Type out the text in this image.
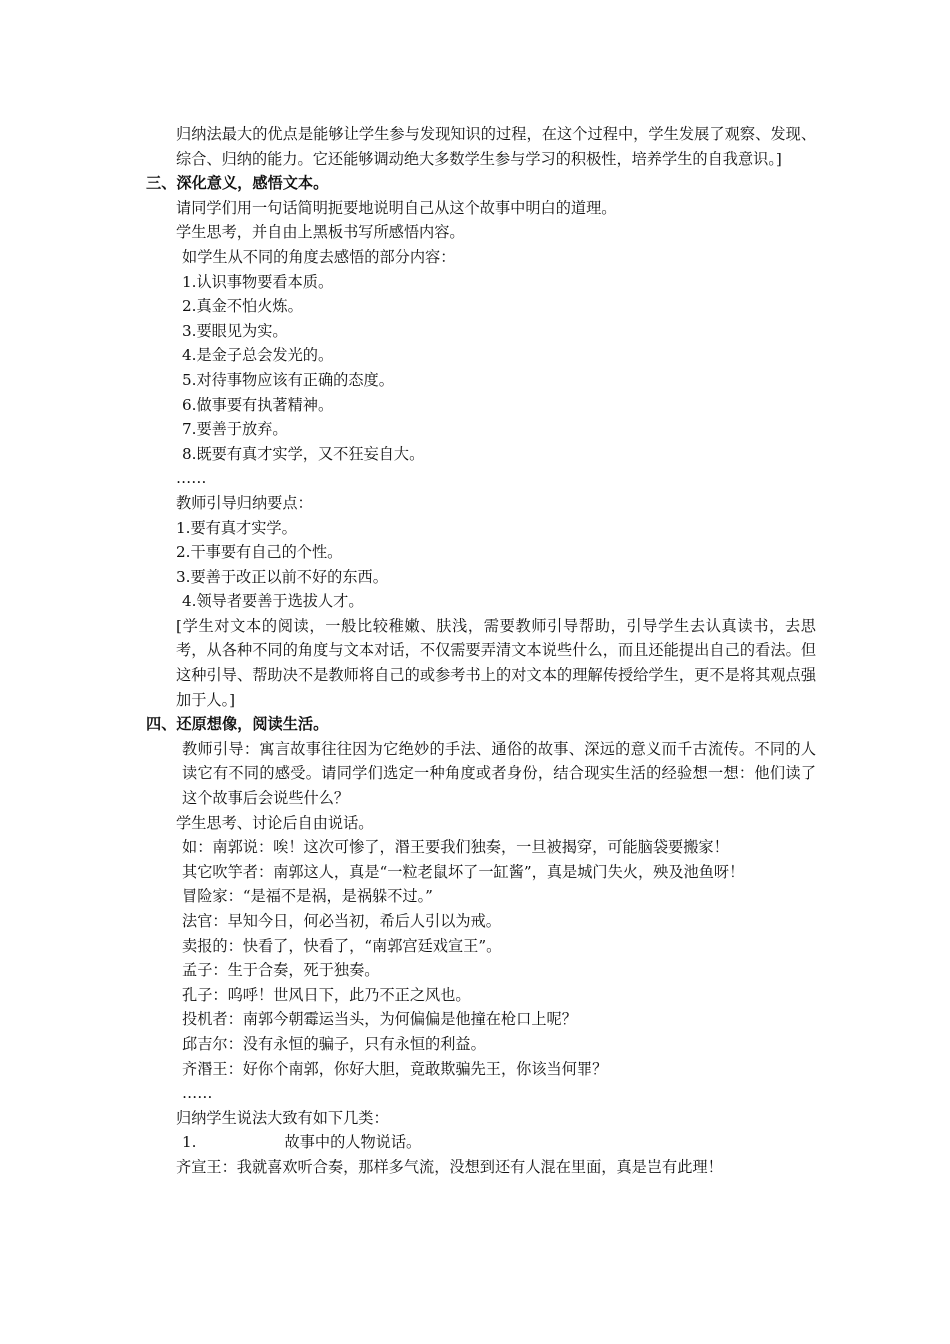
归纳法最大的优点是能够让学生参与发现知识的过程，在这个过程中，学生发展了观察、发现、综合、归纳的能力。它还能够调动绝大多数学生参与学习的积极性，培养学生的自我意识。]
三、深化意义，感悟文本。
请同学们用一句话简明扼要地说明自己从这个故事中明白的道理。
学生思考，并自由上黑板书写所感悟内容。
如学生从不同的角度去感悟的部分内容：
1.认识事物要看本质。
2.真金不怕火炼。
3.要眼见为实。
4.是金子总会发光的。
5.对待事物应该有正确的态度。
6.做事要有执著精神。
7.要善于放弃。
8.既要有真才实学，又不狂妄自大。
……
教师引导归纳要点：
1.要有真才实学。
2.干事要有自己的个性。
3.要善于改正以前不好的东西。
4.领导者要善于选拔人才。
[学生对文本的阅读，一般比较稚嫩、肤浅，需要教师引导帮助，引导学生去认真读书，去思考，从各种不同的角度与文本对话，不仅需要弄清文本说些什么，而且还能提出自己的看法。但这种引导、帮助决不是教师将自己的或参考书上的对文本的理解传授给学生，更不是将其观点强加于人。]
四、还原想像，阅读生活。
教师引导：寓言故事往往因为它绝妙的手法、通俗的故事、深远的意义而千古流传。不同的人读它有不同的感受。请同学们选定一种角度或者身份，结合现实生活的经验想一想：他们读了这个故事后会说些什么？
学生思考、讨论后自由说话。
如：南郭说：唉！这次可惨了，湣王要我们独奏，一旦被揭穿，可能脑袋要搬家！
其它吹竽者：南郭这人，真是“一粒老鼠坏了一缸酱”，真是城门失火，殃及池鱼呀！
冒险家：“是福不是祸，是祸躲不过。”
法官：早知今日，何必当初，希后人引以为戒。
卖报的：快看了，快看了，“南郭宫廷戏宣王”。
孟子：生于合奏，死于独奏。
孔子：呜呼！世风日下，此乃不正之风也。
投机者：南郭今朝霉运当头，为何偏偏是他撞在枪口上呢？
邱吉尔：没有永恒的骗子，只有永恒的利益。
齐湣王：好你个南郭，你好大胆，竟敢欺骗先王，你该当何罪？
……
归纳学生说法大致有如下几类：
1.	故事中的人物说话。
齐宣王：我就喜欢听合奏，那样多气流，没想到还有人混在里面，真是岂有此理！
